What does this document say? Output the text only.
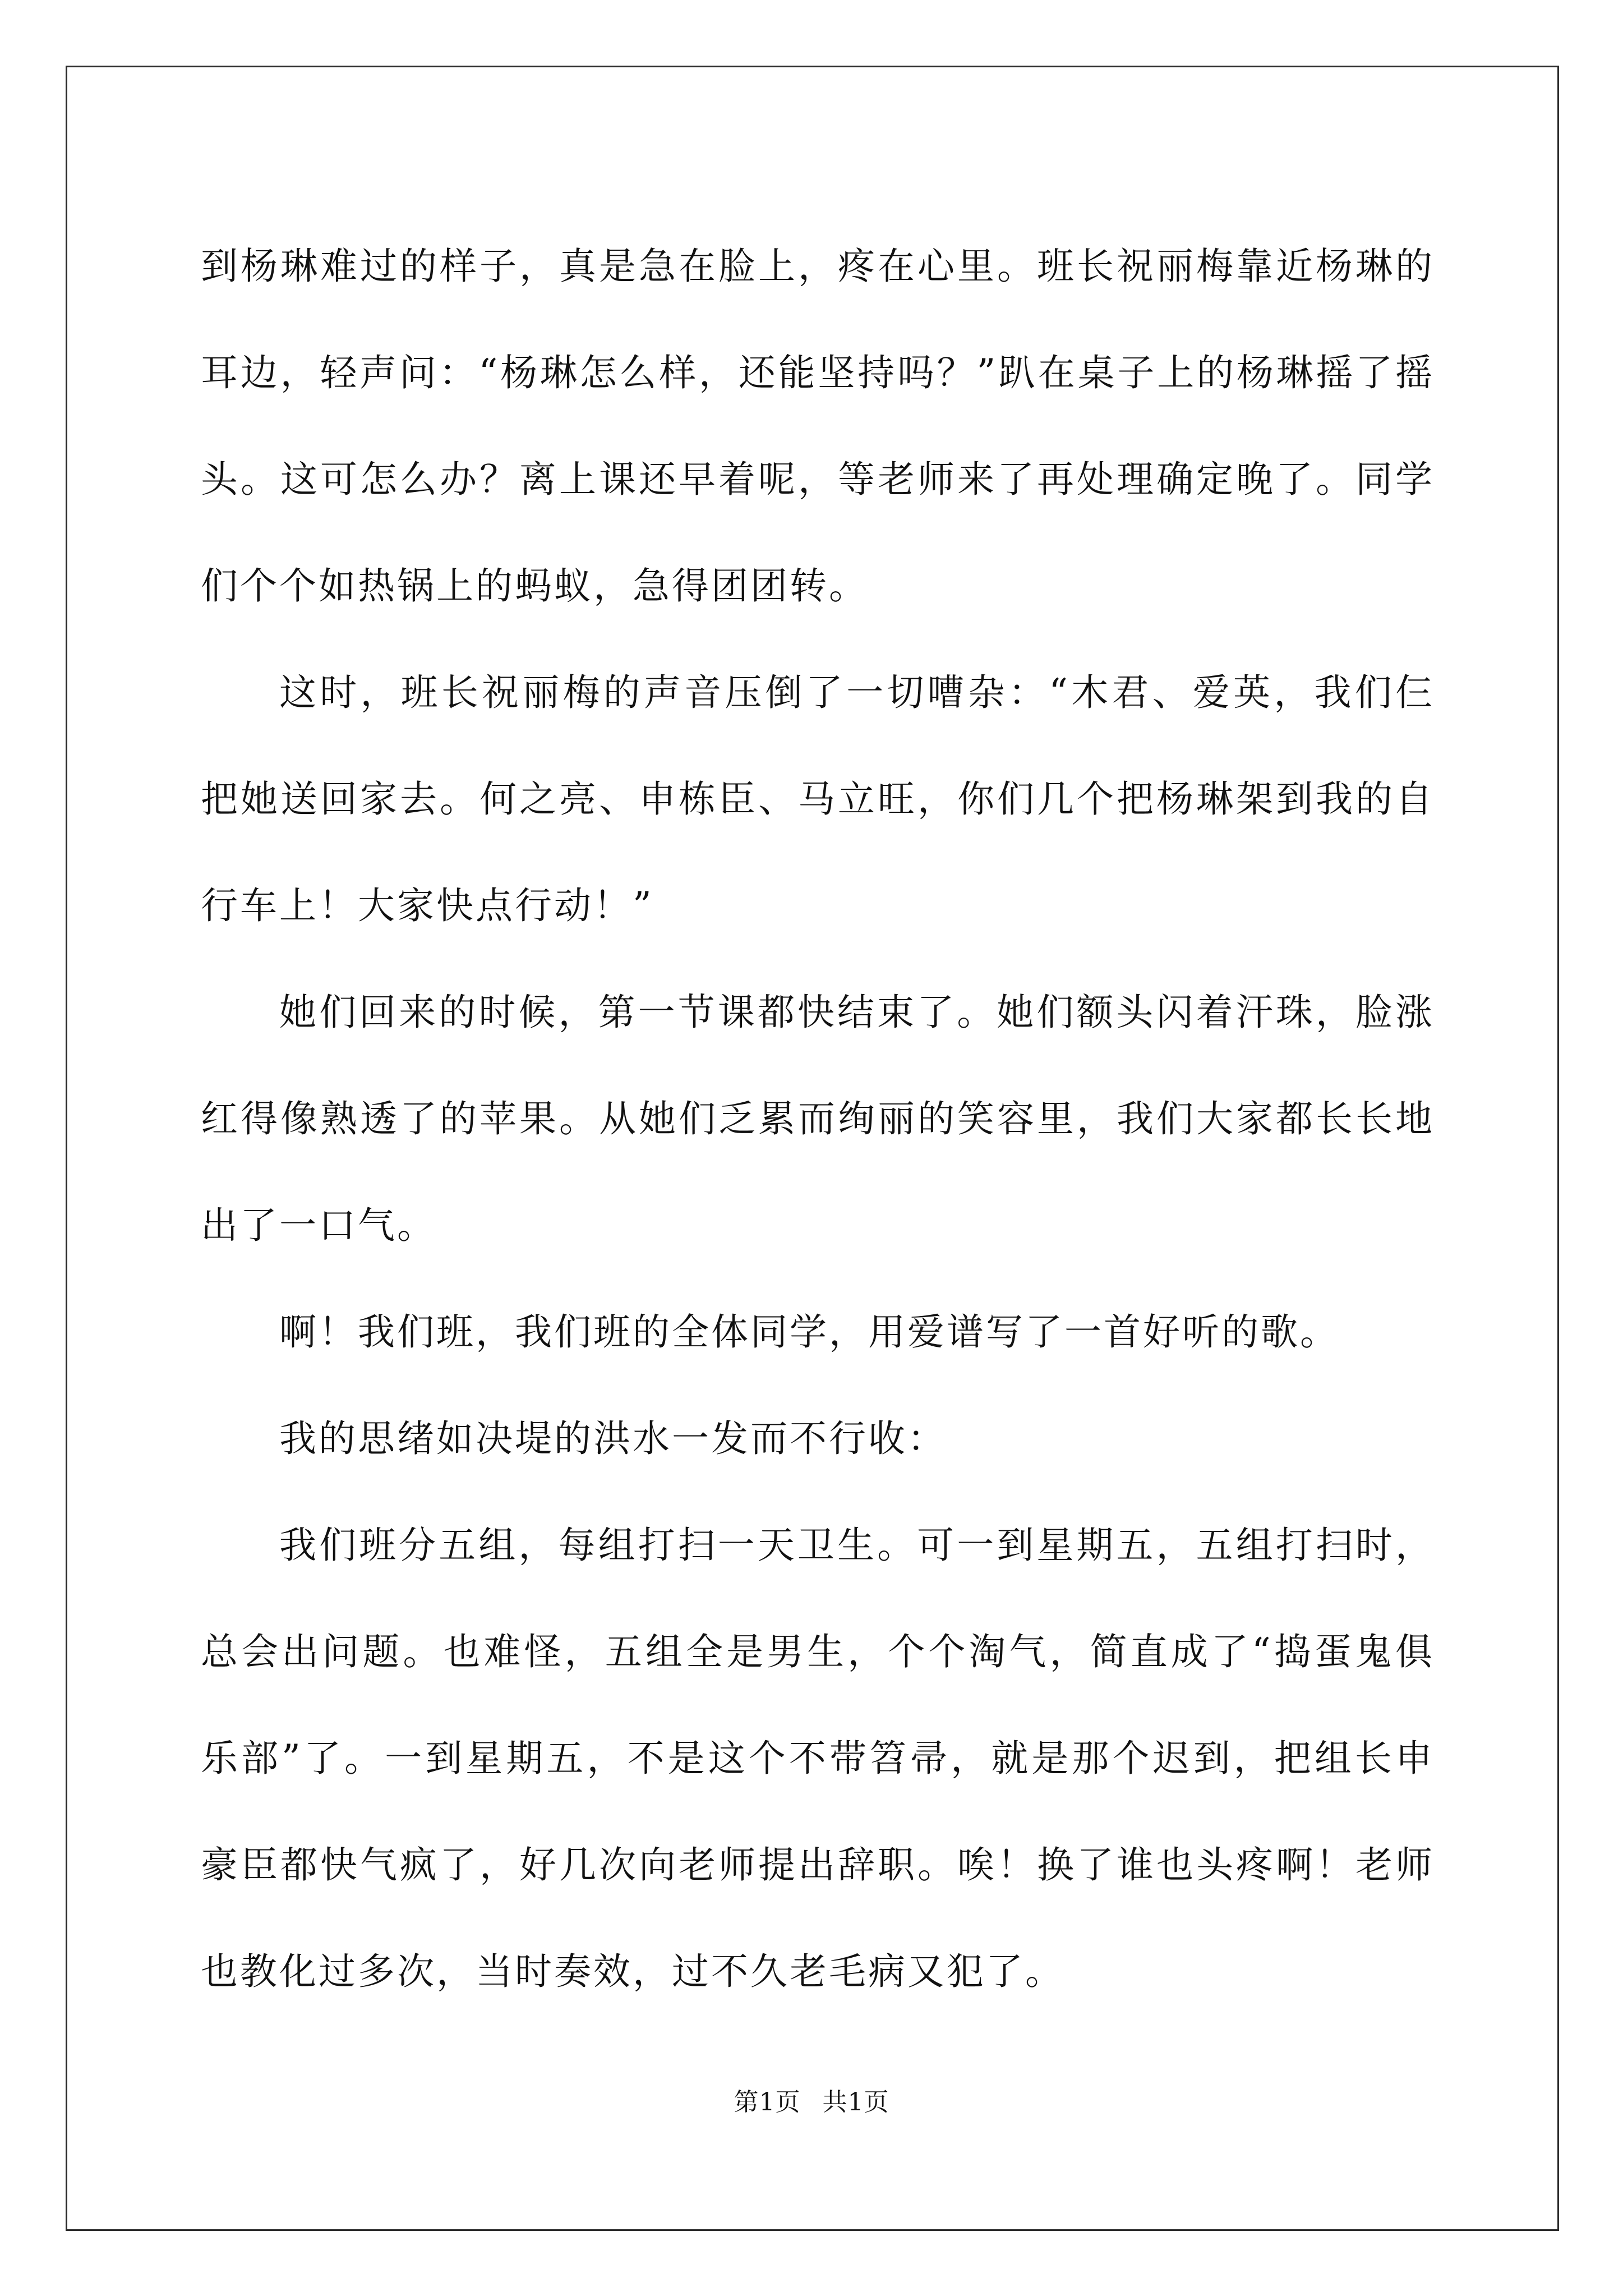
到杨琳难过的样子，真是急在脸上，疼在心里。班长祝丽梅靠近杨琳的耳边，轻声问：“杨琳怎么样，还能坚持吗？”趴在桌子上的杨琳摇了摇头。这可怎么办？离上课还早着呢，等老师来了再处理确定晚了。同学们个个如热锅上的蚂蚁，急得团团转。

这时，班长祝丽梅的声音压倒了一切嘈杂：“木君、爱英，我们仨把她送回家去。何之亮、申栋臣、马立旺，你们几个把杨琳架到我的自行车上！大家快点行动！”

她们回来的时候，第一节课都快结束了。她们额头闪着汗珠，脸涨红得像熟透了的苹果。从她们乏累而绚丽的笑容里，我们大家都长长地出了一口气。

啊！我们班，我们班的全体同学，用爱谱写了一首好听的歌。

我的思绪如决堤的洪水一发而不行收：

我们班分五组，每组打扫一天卫生。可一到星期五，五组打扫时，总会出问题。也难怪，五组全是男生，个个淘气，简直成了“捣蛋鬼俱乐部”了。一到星期五，不是这个不带笤帚，就是那个迟到，把组长申豪臣都快气疯了，好几次向老师提出辞职。唉！换了谁也头疼啊！老师也教化过多次，当时奏效，过不久老毛病又犯了。

第1页 共1页
